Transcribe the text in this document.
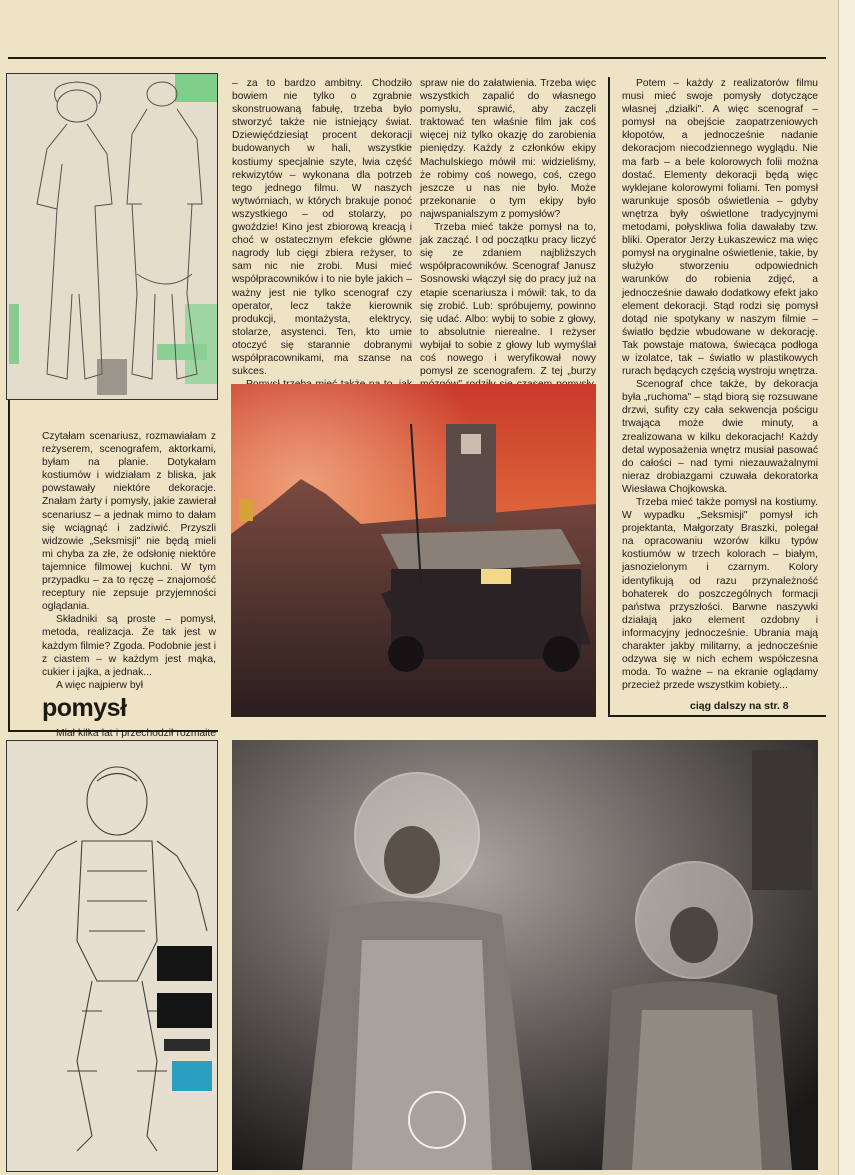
Czytałam scenariusz, rozmawiałam z reżyserem, scenografem, aktorkami, byłam na planie. Dotykałam kostiumów i widziałam z bliska, jak powstawały niektóre dekoracje. Znałam żarty i pomysły, jakie zawierał scenariusz – a jednak mimo to dałam się wciągnąć i zadziwić. Przyszli widzowie „Seksmisji" nie będą mieli mi chyba za złe, że odsłonię niektóre tajemnice filmowej kuchni. W tym przypadku – za to ręczę – znajomość receptury nie zepsuje przyjemności oglądania.

Składniki są proste – pomysł, metoda, realizacja. Że tak jest w każdym filmie? Zgoda. Podobnie jest i z ciastem – w każdym jest mąka, cukier i jajka, a jednak...

A więc najpierw był

pomysł

Miał kilka lat i przechodził rozmaite

– za to bardzo ambitny. Chodziło bowiem nie tylko o zgrabnie skonstruowaną fabułę, trzeba było stworzyć także nie istniejący świat. Dziewięćdziesiąt procent dekoracji budowanych w hali, wszystkie kostiumy specjalnie szyte, lwia część rekwizytów – wykonana dla potrzeb tego jednego filmu. W naszych wytwórniach, w których brakuje ponoć wszystkiego – od stolarzy, po gwoździe! Kino jest zbiorową kreacją i choć w ostatecznym efekcie główne nagrody lub cięgi zbiera reżyser, to sam nic nie zrobi. Musi mieć współpracowników i to nie byle jakich – ważny jest nie tylko scenograf czy operator, lecz także kierownik produkcji, montażysta, elektrycy, stolarze, asystenci. Ten, kto umie otoczyć się starannie dobranymi współpracownikami, ma szanse na sukces.

spraw nie do załatwienia. Trzeba więc wszystkich zapalić do własnego pomysłu, sprawić, aby zaczęli traktować ten właśnie film jak coś więcej niż tylko okazję do zarobienia pieniędzy. Każdy z członków ekipy Machulskiego mówił mi: widzieliśmy, że robimy coś nowego, coś, czego jeszcze u nas nie było. Może przekonanie o tym ekipy było najwspanialszym z pomysłów?

Trzeba mieć także pomysł na to, jak zacząć. I od początku pracy liczyć się ze zdaniem najbliższych współpracowników. Scenograf Janusz Sosnowski włączył się do pracy już na etapie scenariusza i mówił: tak, to da się zrobić. Lub: spróbujemy, powinno się udać. Albo: wybij to sobie z głowy, to absolutnie nierealne. I reżyser wybijał to sobie z głowy lub wymyślał coś nowego i weryfikował nowy pomysł ze scenografem. Z tej „burzy

Potem – każdy z realizatorów filmu musi mieć swoje pomysły dotyczące własnej „działki". A więc scenograf – pomysł na obejście zaopatrzeniowych kłopotów, a jednocześnie nadanie dekoracjom niecodziennego wyglądu. Nie ma farb – a bele kolorowych folii można dostać. Elementy dekoracji będą więc wyklejane kolorowymi foliami. Ten pomysł warunkuje sposób oświetlenia – gdyby wnętrza były oświetlone tradycyjnymi metodami, połyskliwa folia dawałaby tzw. bliki. Operator Jerzy Łukaszewicz ma więc pomysł na oryginalne oświetlenie, takie, by służyło stworzeniu odpowiednich warunków do robienia zdjęć, a jednocześnie dawało dodatkowy efekt jako element dekoracji. Stąd rodzi się pomysł dotąd nie spotykany w naszym filmie – światło będzie wbudowane w dekorację. Tak powstaje matowa, świecąca podłoga w izolatce, tak – światło w plastikowych rurach będących częścią wystroju wnętrza.

Scenograf chce także, by dekoracja była „ruchoma" – stąd biorą się rozsuwane drzwi, sufity czy cała sekwencja pościgu trwająca może dwie minuty, a zrealizowana w kilku dekoracjach! Każdy detal wyposażenia wnętrz musiał pasować do całości – nad tymi niezauważalnymi nieraz drobiazgami czuwała dekoratorka Wiesława Chojkowska.

Trzeba mieć także pomysł na kostiumy. W wypadku „Seksmisji" pomysł ich projektanta, Małgorzaty Braszki, polegał na opracowaniu wzorów kilku typów kostiumów w trzech kolorach – białym, jasnozielonym i czarnym. Kolory identyfikują od razu przynależność bohaterek do poszczególnych formacji państwa przyszłości. Barwne naszywki działają jako element ozdobny i informacyjny jednocześnie. Ubrania mają charakter jakby militarny, a jednocześnie odzywa się w nich echem współczesna moda. To ważne – na ekranie oglądamy przecież przede wszystkim kobiety...

ciąg dalszy na str. 8
